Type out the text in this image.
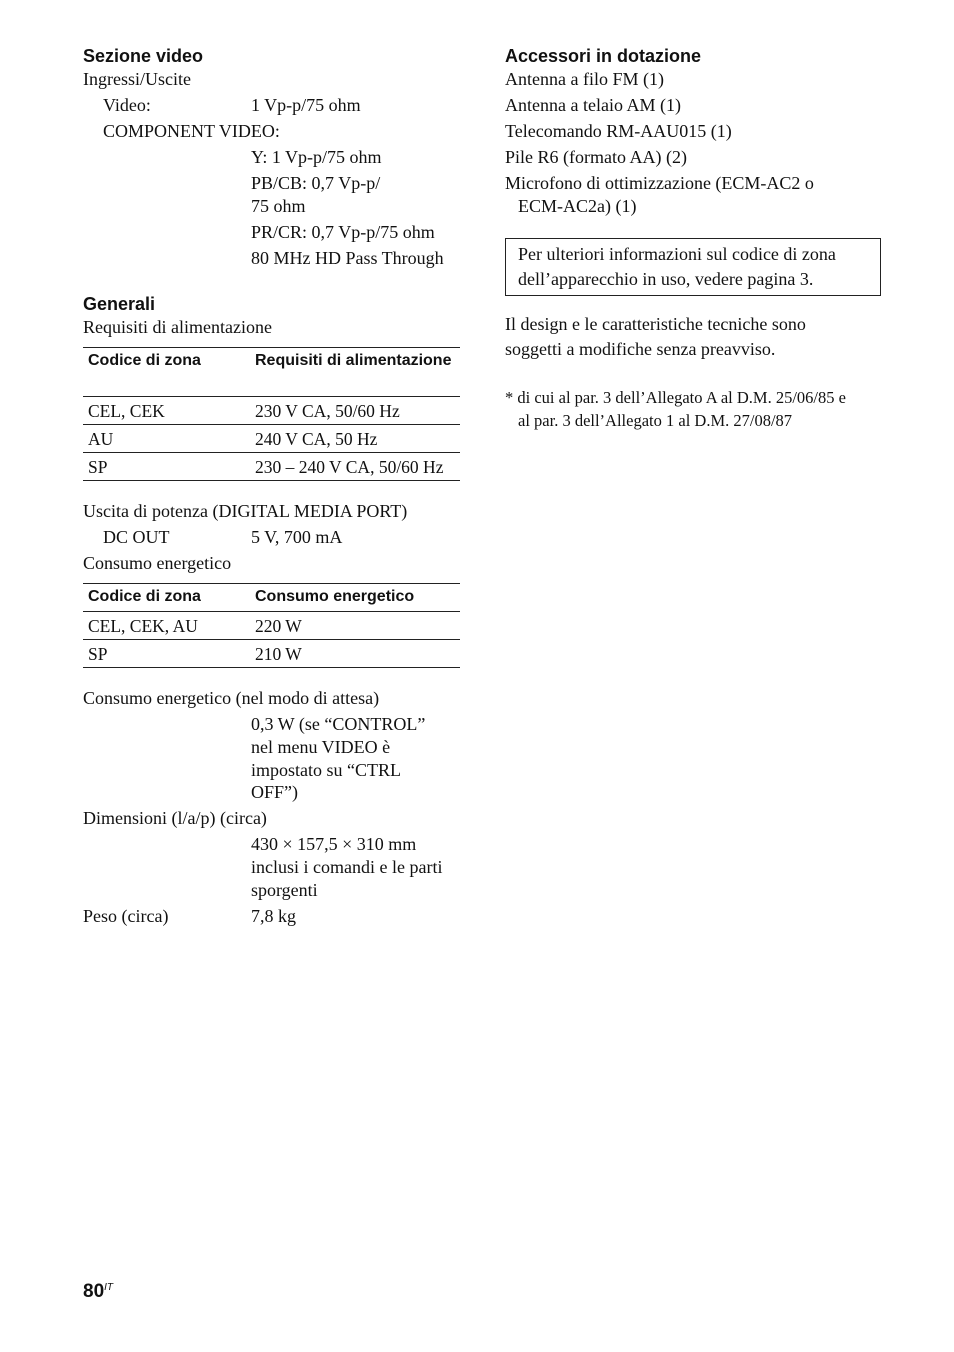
Sezione video
Ingressi/Uscite
Video:	1 Vp-p/75 ohm
COMPONENT VIDEO:
Y: 1 Vp-p/75 ohm
PB/CB: 0,7 Vp-p/
75 ohm
PR/CR: 0,7 Vp-p/75 ohm
80 MHz HD Pass Through
Generali
Requisiti di alimentazione
Codice di zona	Requisiti di alimentazione
CEL, CEK	230 V CA, 50/60 Hz
AU	240 V CA, 50 Hz
SP	230 – 240 V CA, 50/60 Hz
Uscita di potenza (DIGITAL MEDIA PORT)
DC OUT	5 V, 700 mA
Consumo energetico
Codice di zona	Consumo energetico
CEL, CEK, AU	220 W
SP	210 W
Consumo energetico (nel modo di attesa)
0,3 W (se “CONTROL”
nel menu VIDEO è
impostato su “CTRL
OFF”)
Dimensioni (l/a/p) (circa)
430 × 157,5 × 310 mm
inclusi i comandi e le parti
sporgenti
Peso (circa)	7,8 kg
Accessori in dotazione
Antenna a filo FM (1)
Antenna a telaio AM (1)
Telecomando RM-AAU015 (1)
Pile R6 (formato AA) (2)
Microfono di ottimizzazione (ECM-AC2 o
ECM-AC2a) (1)
Per ulteriori informazioni sul codice di zona
dell’apparecchio in uso, vedere pagina 3.
Il design e le caratteristiche tecniche sono
soggetti a modifiche senza preavviso.
* di cui al par. 3 dell’Allegato A al D.M. 25/06/85 e
al par. 3 dell’Allegato 1 al D.M. 27/08/87
$80^{IT}$
